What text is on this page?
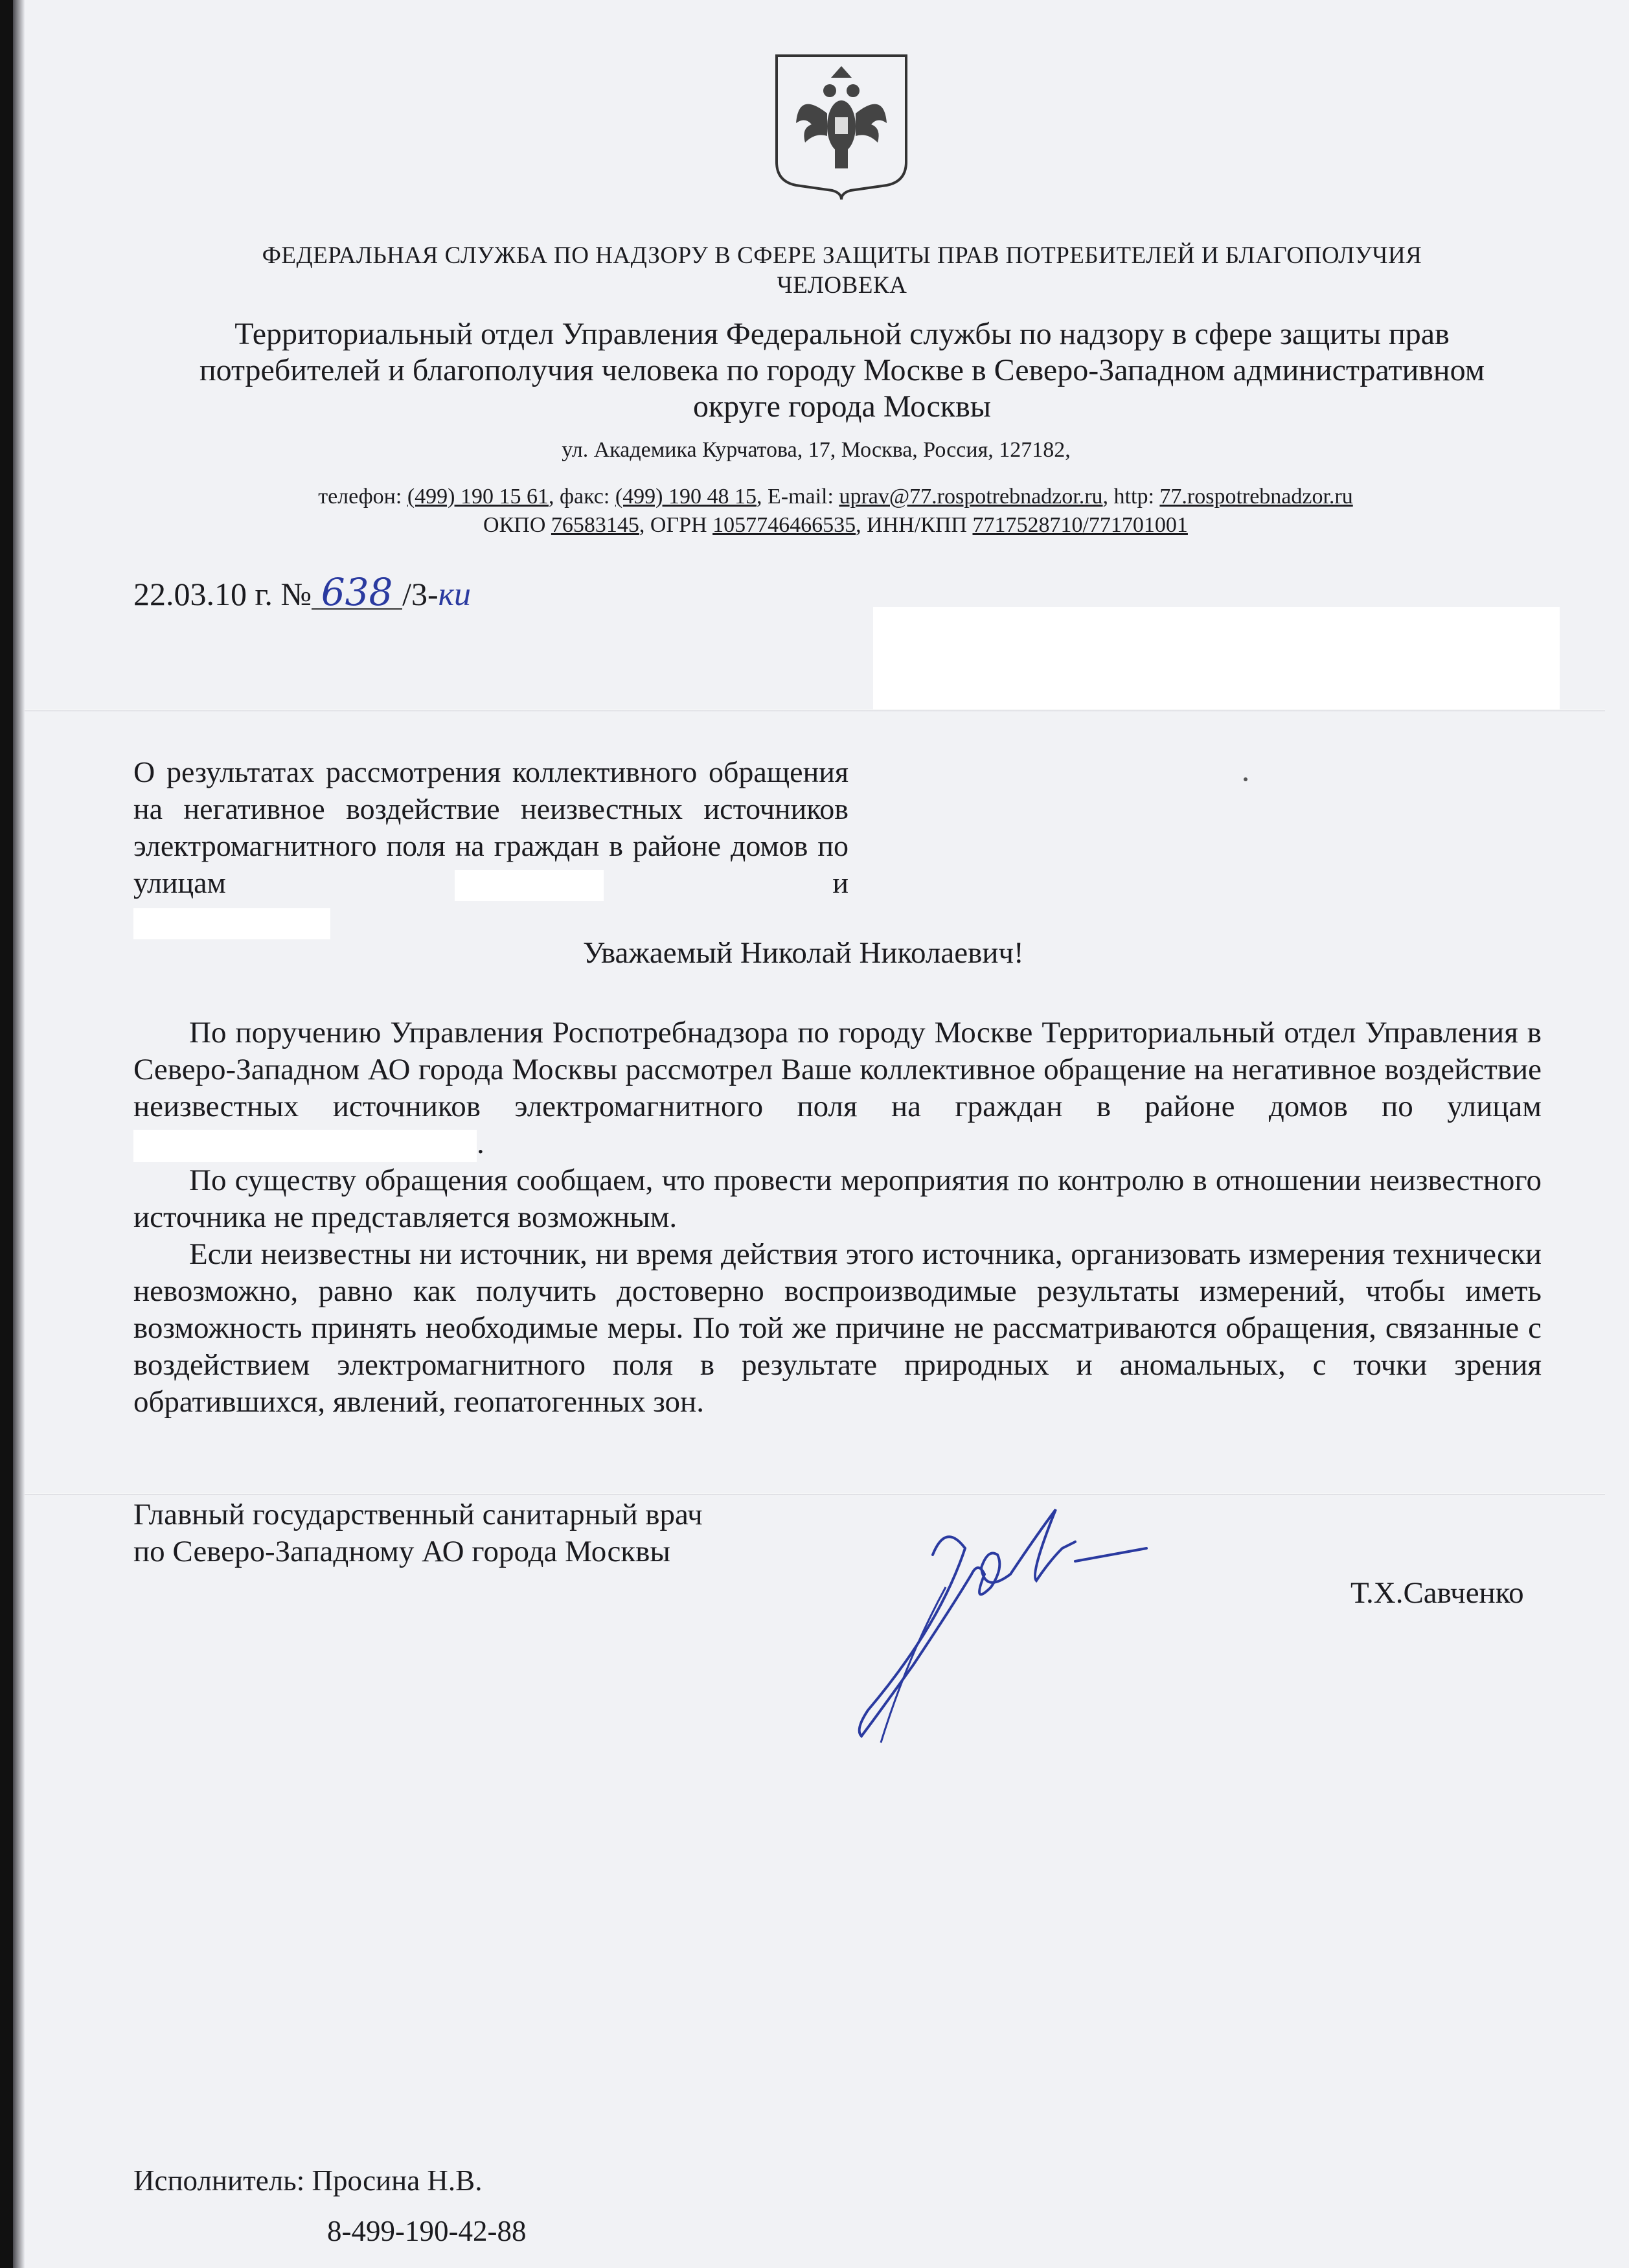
ФЕДЕРАЛЬНАЯ СЛУЖБА ПО НАДЗОРУ В СФЕРЕ ЗАЩИТЫ ПРАВ ПОТРЕБИТЕЛЕЙ И БЛАГОПОЛУЧИЯ ЧЕЛОВЕКА
Территориальный отдел Управления Федеральной службы по надзору в сфере защиты прав потребителей и благополучия человека по городу Москве в Северо-Западном административном округе города Москвы
ул. Академика Курчатова, 17, Москва, Россия, 127182,
телефон: (499) 190 15 61, факс: (499) 190 48 15, E-mail: uprav@77.rospotrebnadzor.ru, http: 77.rospotrebnadzor.ru
ОКПО 76583145, ОГРН 1057746466535, ИНН/КПП 7717528710/771701001
22.03.10 г. № 638 /3-ки
О результатах рассмотрения коллективного обращения на негативное воздействие неизвестных источников электромагнитного поля на граждан в районе домов по улицам	и
Уважаемый Николай Николаевич!

По поручению Управления Роспотребнадзора по городу Москве Территориальный отдел Управления в Северо-Западном АО города Москвы рассмотрел Ваше коллективное обращение на негативное воздействие неизвестных источников электромагнитного поля на граждан в районе домов по улицам .

По существу обращения сообщаем, что провести мероприятия по контролю в отношении неизвестного источника не представляется возможным.

Если неизвестны ни источник, ни время действия этого источника, организовать измерения технически невозможно, равно как получить достоверно воспроизводимые результаты измерений, чтобы иметь возможность принять необходимые меры. По той же причине не рассматриваются обращения, связанные с воздействием электромагнитного поля в результате природных и аномальных, с точки зрения обратившихся, явлений, геопатогенных зон.

Главный государственный санитарный врач
по Северо-Западному АО города Москвы
Т.Х.Савченко
Исполнитель: Просина Н.В.
8-499-190-42-88
